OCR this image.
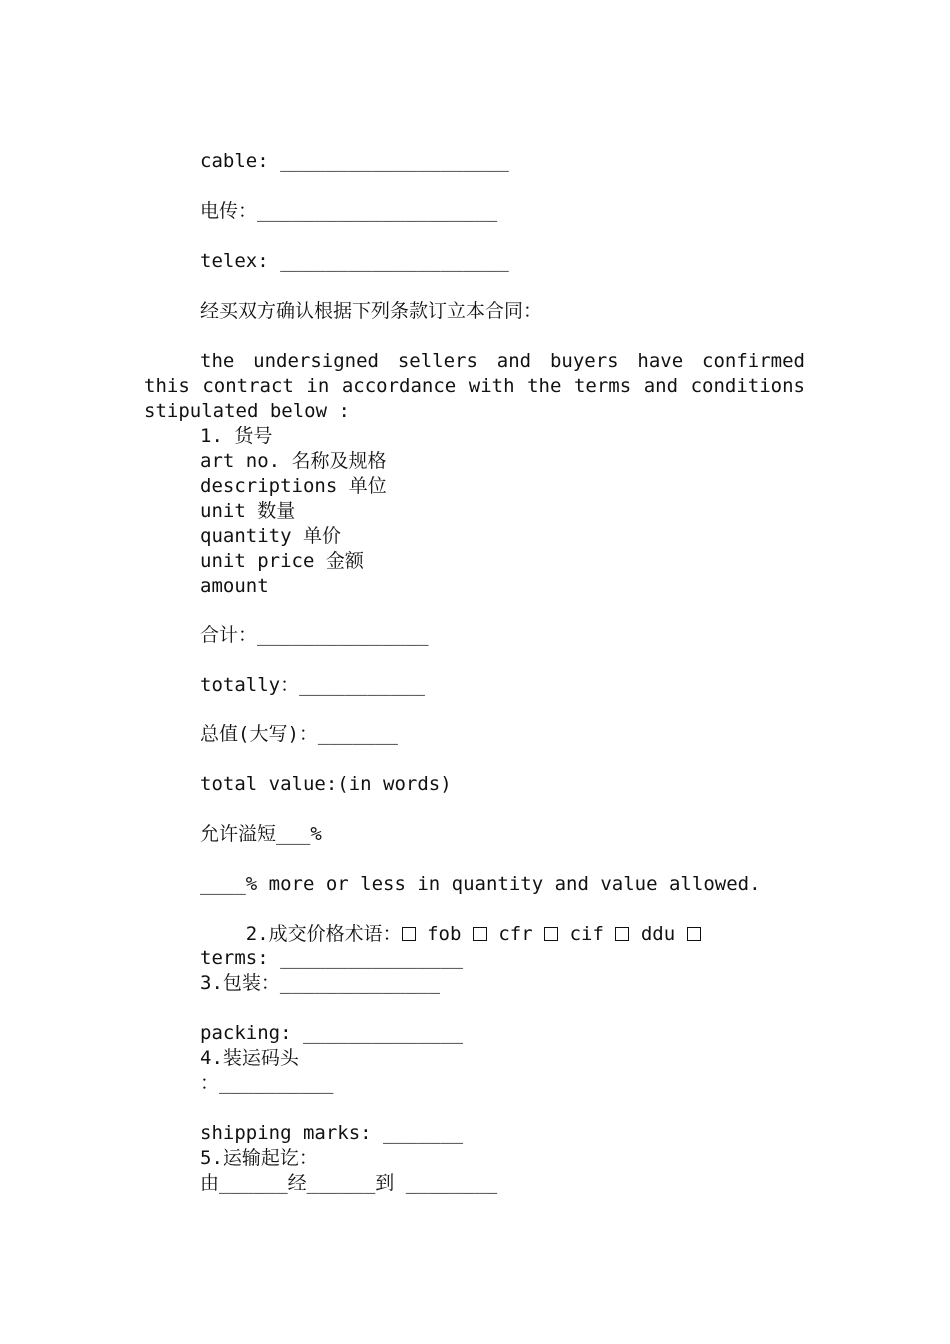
cable: ____________________
电传：_____________________
telex: ____________________
经买双方确认根据下列条款订立本合同：
the undersigned sellers and buyers have confirmed this contract in accordance with the terms and conditions stipulated below :
1. 货号
art no. 名称及规格
descriptions 单位
unit 数量
quantity 单价
unit price 金额
amount
合计：_______________
totally：___________
总值(大写)：_______
total value:(in words)
允许溢短___%
____% more or less in quantity and value allowed.

2.成交价格术语： fob cfr cif ddu

terms: ________________
3.包装：______________
packing: ______________
4.装运码头
：__________
shipping marks: _______
5.运输起讫：
由______经______到 ________
